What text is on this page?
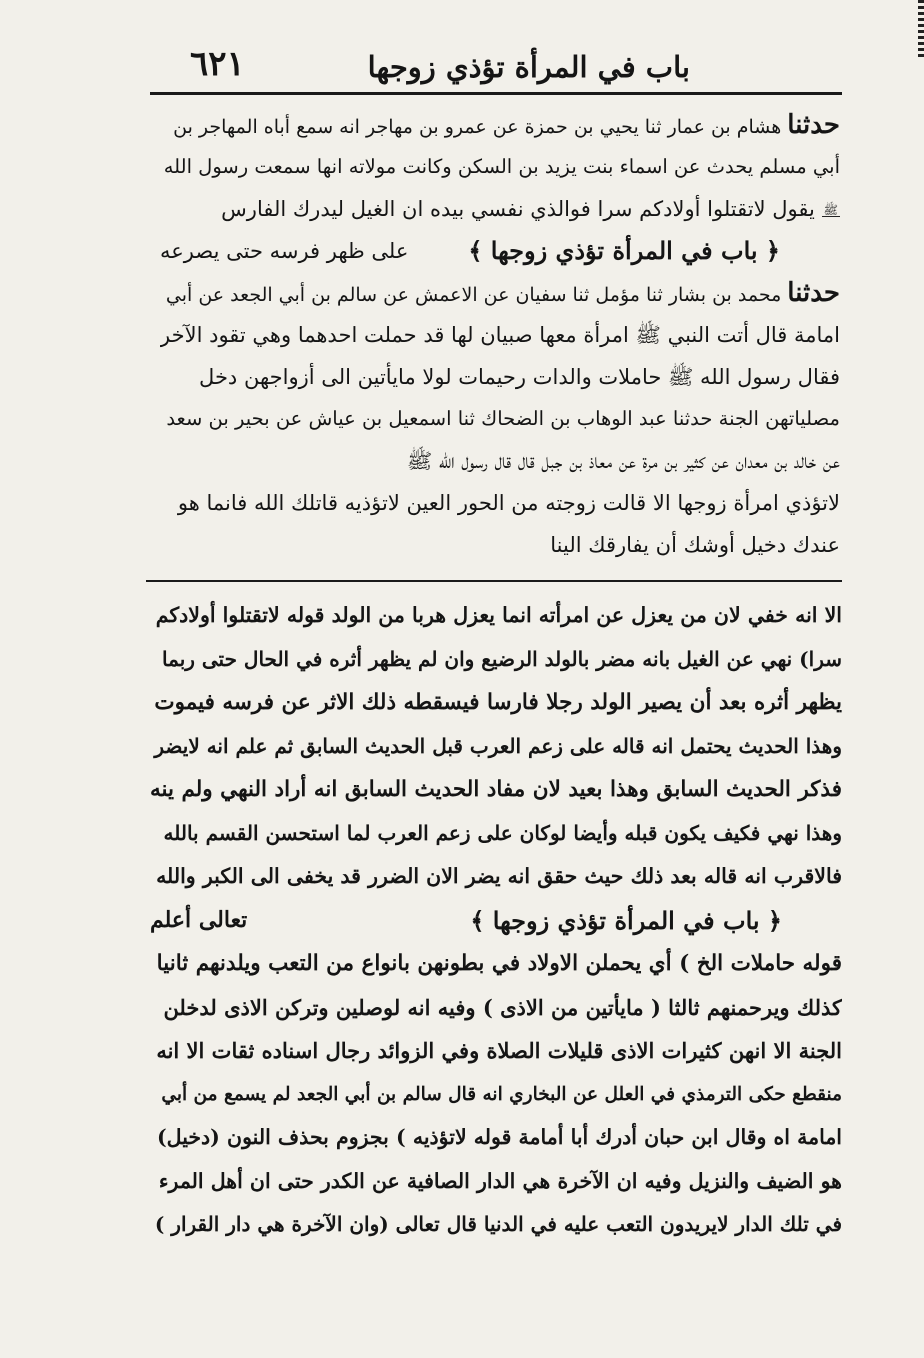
باب في المرأة تؤذي زوجها
٦٢١
حدثناهشام بن عمار ثنا يحيي بن حمزة عن عمرو بن مهاجر انه سمع أباه المهاجر بن
أبي مسلم يحدث عن اسماء بنت يزيد بن السكن وكانت مولاته انها سمعت رسول الله
ﷺ يقول لاتقتلوا أولادكم سرا فوالذي نفسي بيده ان الغيل ليدرك الفارس
﴿ باب في المرأة تؤذي زوجها ﴾
على ظهر فرسه حتى يصرعه
حدثنامحمد بن بشار ثنا مؤمل ثنا سفيان عن الاعمش عن سالم بن أبي الجعد عن أبي
امامة قال أتت النبي ﷺ امرأة معها صبيان لها قد حملت احدهما وهي تقود الآخر
فقال رسول الله ﷺ حاملات والدات رحيمات لولا مايأتين الى أزواجهن دخل
مصلياتهن الجنة حدثنا عبد الوهاب بن الضحاك ثنا اسمعيل بن عياش عن بحير بن سعد
عن خالد بن معدان عن كثير بن مرة عن معاذ بن جبل قال قال رسول الله ﷺ
لاتؤذي امرأة زوجها الا قالت زوجته من الحور العين لاتؤذيه قاتلك الله فانما هو
عندك دخيل أوشك أن يفارقك الينا
الا انه خفي لان من يعزل عن امرأته انما يعزل هربا من الولد قوله لاتقتلوا أولادكم
سرا) نهي عن الغيل بانه مضر بالولد الرضيع وان لم يظهر أثره في الحال حتى ربما
يظهر أثره بعد أن يصير الولد رجلا فارسا فيسقطه ذلك الاثر عن فرسه فيموت
وهذا الحديث يحتمل انه قاله على زعم العرب قبل الحديث السابق ثم علم انه لايضر
فذكر الحديث السابق وهذا بعيد لان مفاد الحديث السابق انه أراد النهي ولم ينه
وهذا نهي فكيف يكون قبله وأيضا لوكان على زعم العرب لما استحسن القسم بالله
فالاقرب انه قاله بعد ذلك حيث حقق انه يضر الان الضرر قد يخفى الى الكبر والله
﴿ باب في المرأة تؤذي زوجها ﴾
تعالى أعلم
قوله حاملات الخ ) أي يحملن الاولاد في بطونهن بانواع من التعب ويلدنهم ثانيا
كذلك ويرحمنهم ثالثا ( مايأتين من الاذى ) وفيه انه لوصلين وتركن الاذى لدخلن
الجنة الا انهن كثيرات الاذى قليلات الصلاة وفي الزوائد رجال اسناده ثقات الا انه
منقطع حكى الترمذي في العلل عن البخاري انه قال سالم بن أبي الجعد لم يسمع من أبي
امامة اه وقال ابن حبان أدرك أبا أمامة قوله لاتؤذيه ) بجزوم بحذف النون (دخيل)
هو الضيف والنزيل وفيه ان الآخرة هي الدار الصافية عن الكدر حتى ان أهل المرء
في تلك الدار لايريدون التعب عليه في الدنيا قال تعالى (وان الآخرة هي دار القرار )
